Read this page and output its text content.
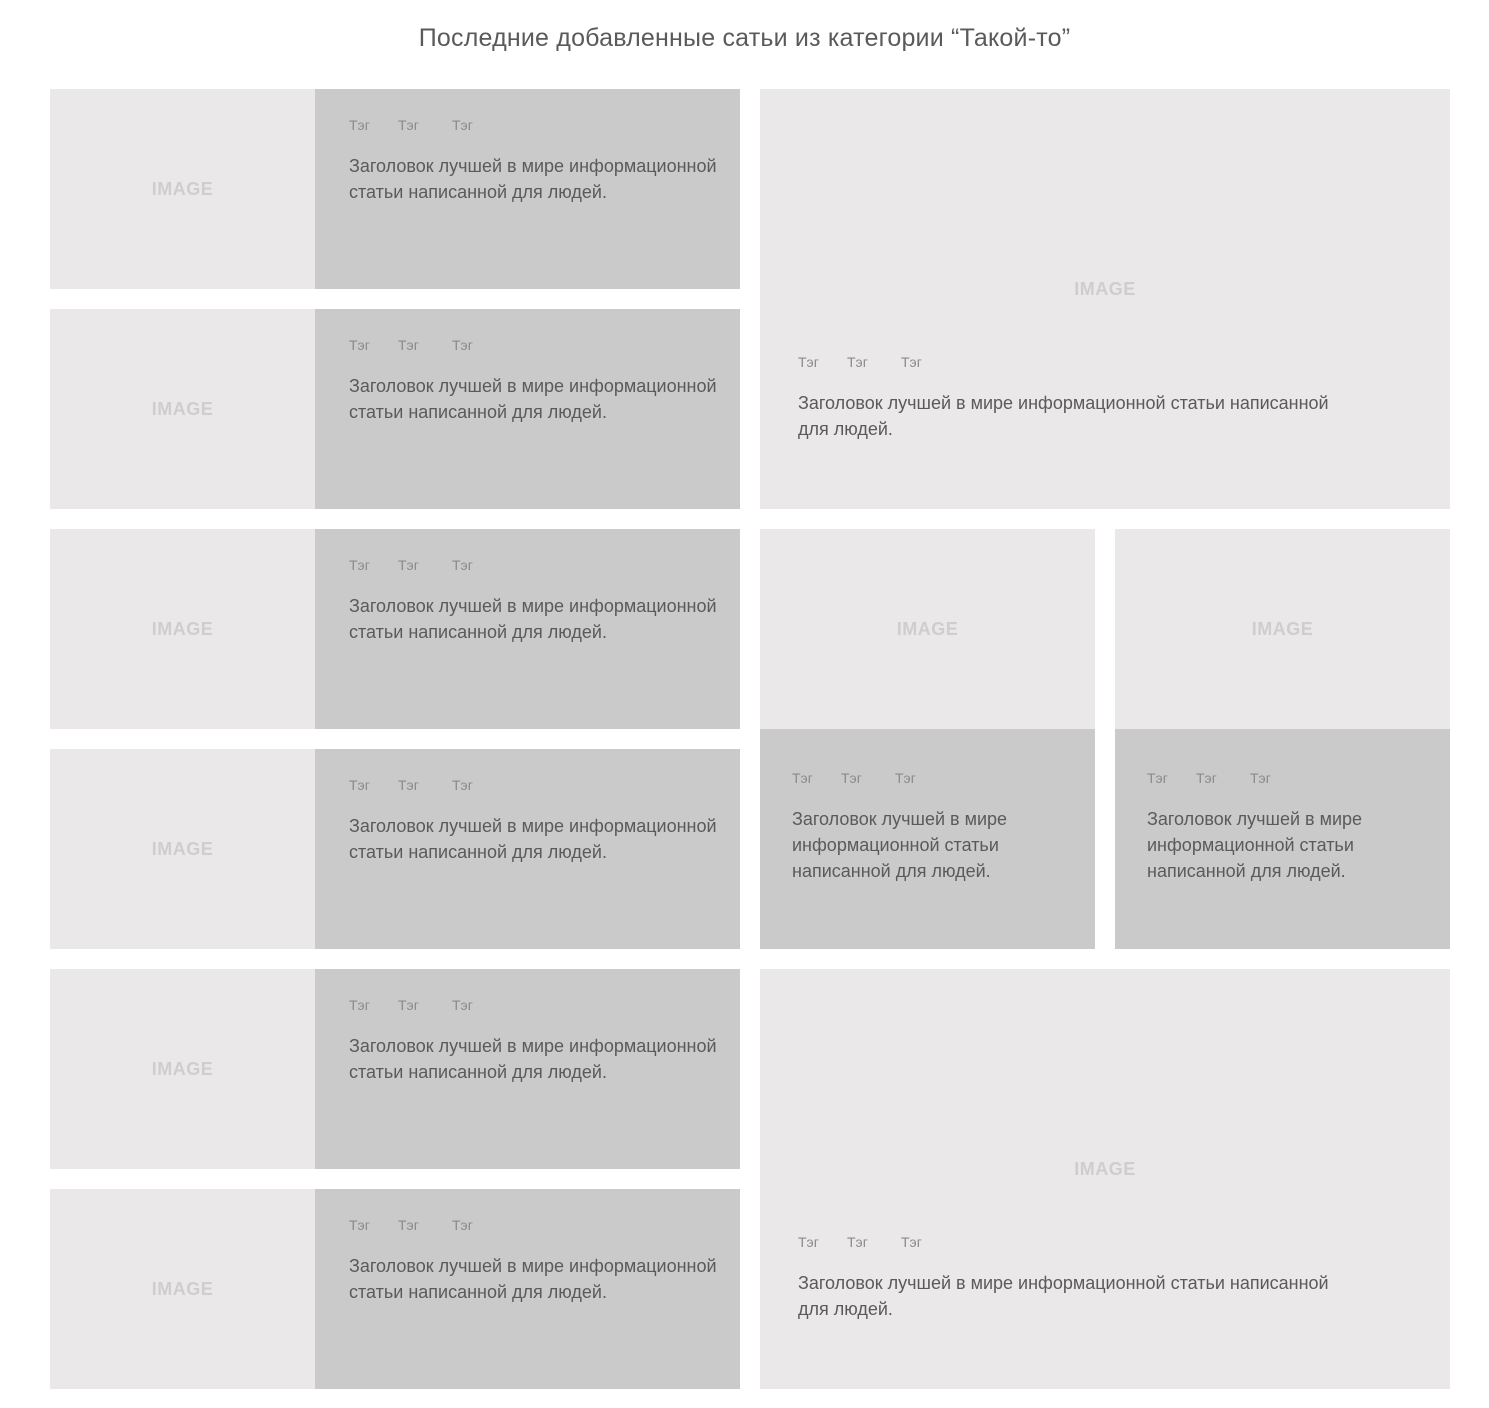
Последние добавленные сатьи из категории “Такой-то”
IMAGE
Тэг	Тэг	Тэг
Заголовок лучшей в мире информационной статьи написанной для людей.
IMAGE
Тэг	Тэг	Тэг
Заголовок лучшей в мире информационной статьи написанной для людей.
IMAGE
Тэг	Тэг	Тэг
Заголовок лучшей в мире информационной статьи написанной для людей.
IMAGE
Тэг	Тэг	Тэг
Заголовок лучшей в мире информационной статьи написанной для людей.
IMAGE
Тэг	Тэг	Тэг
Заголовок лучшей в мире информационной статьи написанной для людей.
IMAGE
Тэг	Тэг	Тэг
Заголовок лучшей в мире информационной статьи написанной для людей.
IMAGE
Тэг	Тэг	Тэг
Заголовок лучшей в мире информационной статьи написанной для людей.
IMAGE
Тэг	Тэг	Тэг
Заголовок лучшей в мире информационной статьи написанной для людей.
IMAGE
Тэг	Тэг	Тэг
Заголовок лучшей в мире информационной статьи написанной для людей.
IMAGE
Тэг	Тэг	Тэг
Заголовок лучшей в мире информационной статьи написанной для людей.
